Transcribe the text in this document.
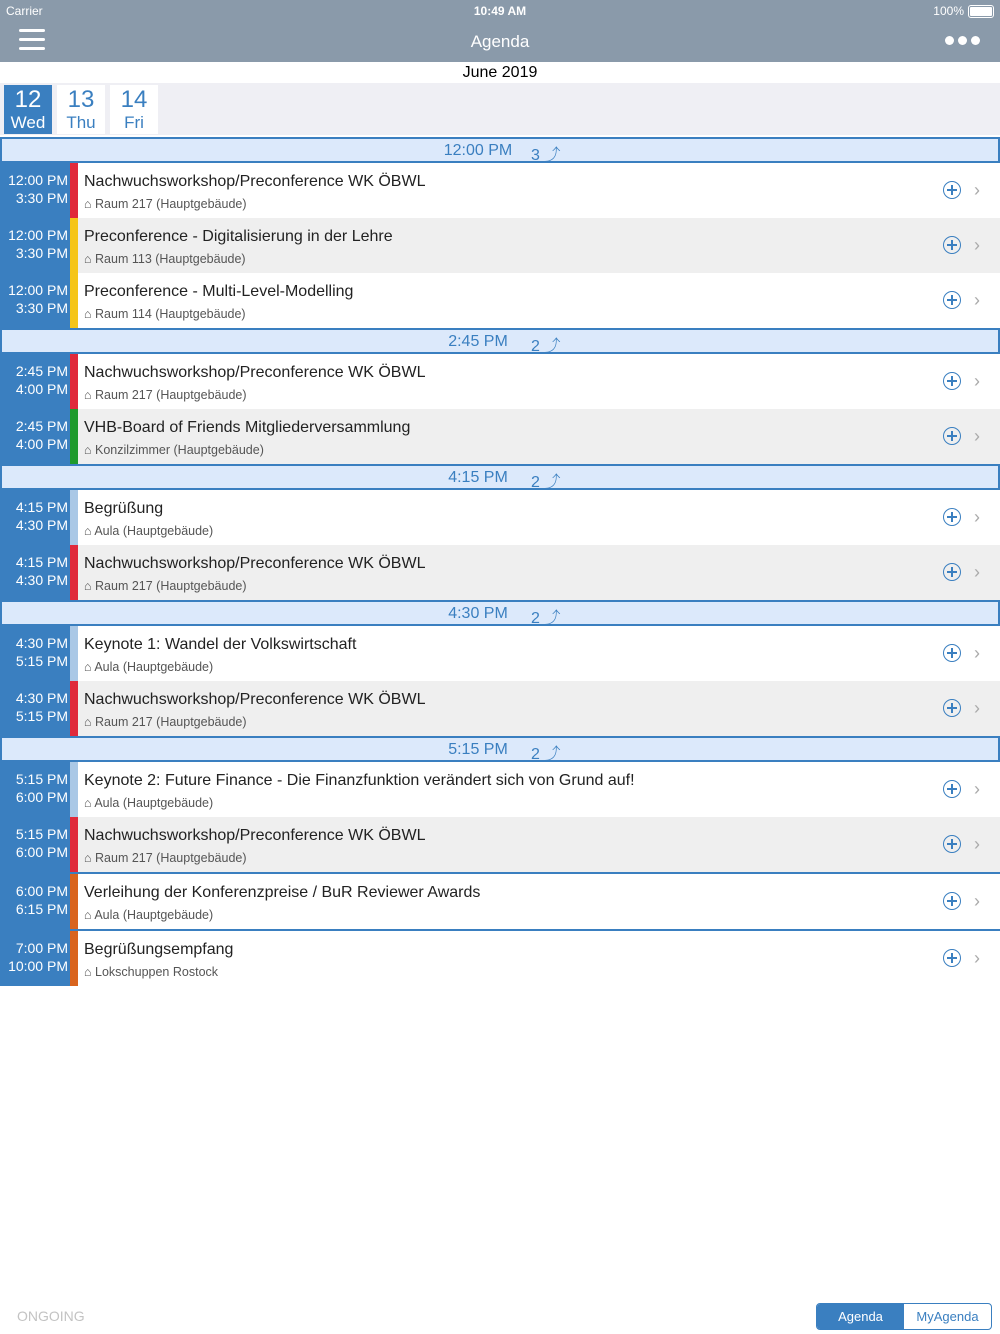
Carrier	10:49 AM	100%
Agenda
June 2019
12
Wed
13
Thu
14
Fri
12:00 PM	3 ⤴
12:00 PM
3:30 PM
Nachwuchsworkshop/Preconference WK ÖBWL
⌂ Raum 217 (Hauptgebäude)
›
12:00 PM
3:30 PM
Preconference - Digitalisierung in der Lehre
⌂ Raum 113 (Hauptgebäude)
›
12:00 PM
3:30 PM
Preconference - Multi-Level-Modelling
⌂ Raum 114 (Hauptgebäude)
›
2:45 PM	2 ⤴
2:45 PM
4:00 PM
Nachwuchsworkshop/Preconference WK ÖBWL
⌂ Raum 217 (Hauptgebäude)
›
2:45 PM
4:00 PM
VHB-Board of Friends Mitgliederversammlung
⌂ Konzilzimmer (Hauptgebäude)
›
4:15 PM	2 ⤴
4:15 PM
4:30 PM
Begrüßung
⌂ Aula (Hauptgebäude)
›
4:15 PM
4:30 PM
Nachwuchsworkshop/Preconference WK ÖBWL
⌂ Raum 217 (Hauptgebäude)
›
4:30 PM	2 ⤴
4:30 PM
5:15 PM
Keynote 1: Wandel der Volkswirtschaft
⌂ Aula (Hauptgebäude)
›
4:30 PM
5:15 PM
Nachwuchsworkshop/Preconference WK ÖBWL
⌂ Raum 217 (Hauptgebäude)
›
5:15 PM	2 ⤴
5:15 PM
6:00 PM
Keynote 2: Future Finance - Die Finanzfunktion verändert sich von Grund auf!
⌂ Aula (Hauptgebäude)
›
5:15 PM
6:00 PM
Nachwuchsworkshop/Preconference WK ÖBWL
⌂ Raum 217 (Hauptgebäude)
›
6:00 PM
6:15 PM
Verleihung der Konferenzpreise / BuR Reviewer Awards
⌂ Aula (Hauptgebäude)
›
7:00 PM
10:00 PM
Begrüßungsempfang
⌂ Lokschuppen Rostock
›
ONGOING	Agenda	MyAgenda
